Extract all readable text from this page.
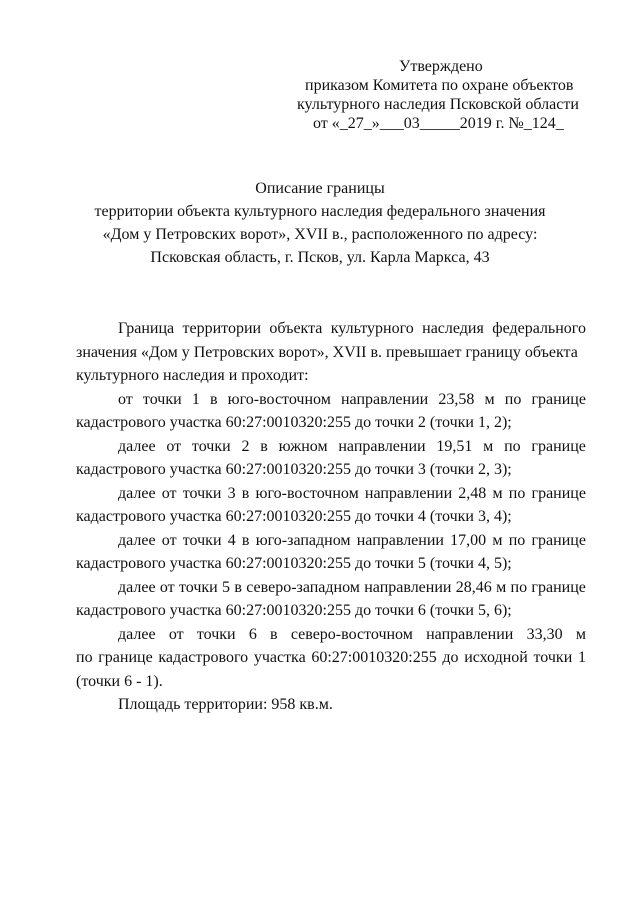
Утверждено
приказом Комитета по охране объектов
культурного наследия Псковской области
от «_27_»___03_____2019 г. №_124_
Описание границы
территории объекта культурного наследия федерального значения
«Дом у Петровских ворот», XVII в., расположенного по адресу:
Псковская область, г. Псков, ул. Карла Маркса, 43
Граница территории объекта культурного наследия федерального
значения «Дом у Петровских ворот», XVII в. превышает границу объекта
культурного наследия и проходит:
от точки 1 в юго-восточном направлении 23,58 м по границе
кадастрового участка 60:27:0010320:255 до точки 2 (точки 1, 2);
далее от точки 2 в южном направлении 19,51 м по границе
кадастрового участка 60:27:0010320:255 до точки 3 (точки 2, 3);
далее от точки 3 в юго-восточном направлении 2,48 м по границе
кадастрового участка 60:27:0010320:255 до точки 4 (точки 3, 4);
далее от точки 4 в юго-западном направлении 17,00 м по границе
кадастрового участка 60:27:0010320:255 до точки 5 (точки 4, 5);
далее от точки 5 в северо-западном направлении 28,46 м по границе
кадастрового участка 60:27:0010320:255 до точки 6 (точки 5, 6);
далее от точки 6 в северо-восточном направлении 33,30 м
по границе кадастрового участка 60:27:0010320:255 до исходной точки 1
(точки 6 - 1).
Площадь территории: 958 кв.м.
